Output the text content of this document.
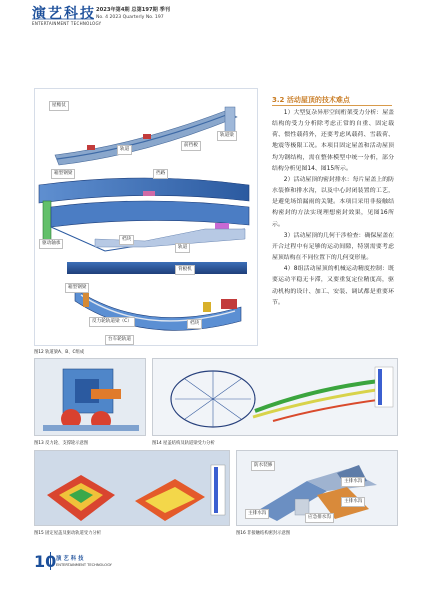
演艺科技
ENTERTAINMENT TECHNOLOGY
2023年第4期 总第197期 季刊
No. 4 2023 Quarterly No. 197
屋檐仗
轨道
前挡板
轨道梁
箱型钢梁	挡路
驱动轴承
档块
轨道
背板机
箱型钢梁
档块
反力轮轨道梁（C）
台车轮轨道
图12 轨道梁A、B、C组成
3.2 活动屋顶的技术难点

1）大型复杂异形空间桁架受力分析：屋盖结构的受力分析除考虑正常的自重、固定载荷、惯性载荷外，还要考虑风载荷、雪载荷、地震等极限工况。本项目固定屋盖和活动屋顶均为钢结构，需在整体模型中统一分析，部分结构分析见图14、图15所示。

2）活动屋顶的密封排水：每片屋盖上的防水装修和排水沟，以及中心封闭装置的工艺，是避免场馆漏雨的关键。本项目采用非接触结构密封的方法实现理想密封效果，见图16所示。

3）活动屋顶的几何干涉检查：确保屋盖在开合过程中有足够的运动间隙，特别需要考虑屋顶结构在不同位置下的几何变形量。

4）8组活动屋顶的机械运动精度控制：既要运动平稳无卡滞，又要重复定位精度高，驱动机构的设计、加工、安装、调试都是重要环节。

图13 反力轮、支撑轮示意图	图14 屋盖结构及轨道梁受力分析
图15 固定屋盖及驱动轨道受力分析
防水装修
主排水沟
主排水沟
主排水沟
应急排水沟
图16 非接触结构密封示意图
10 演艺科技
ENTERTAINMENT TECHNOLOGY
